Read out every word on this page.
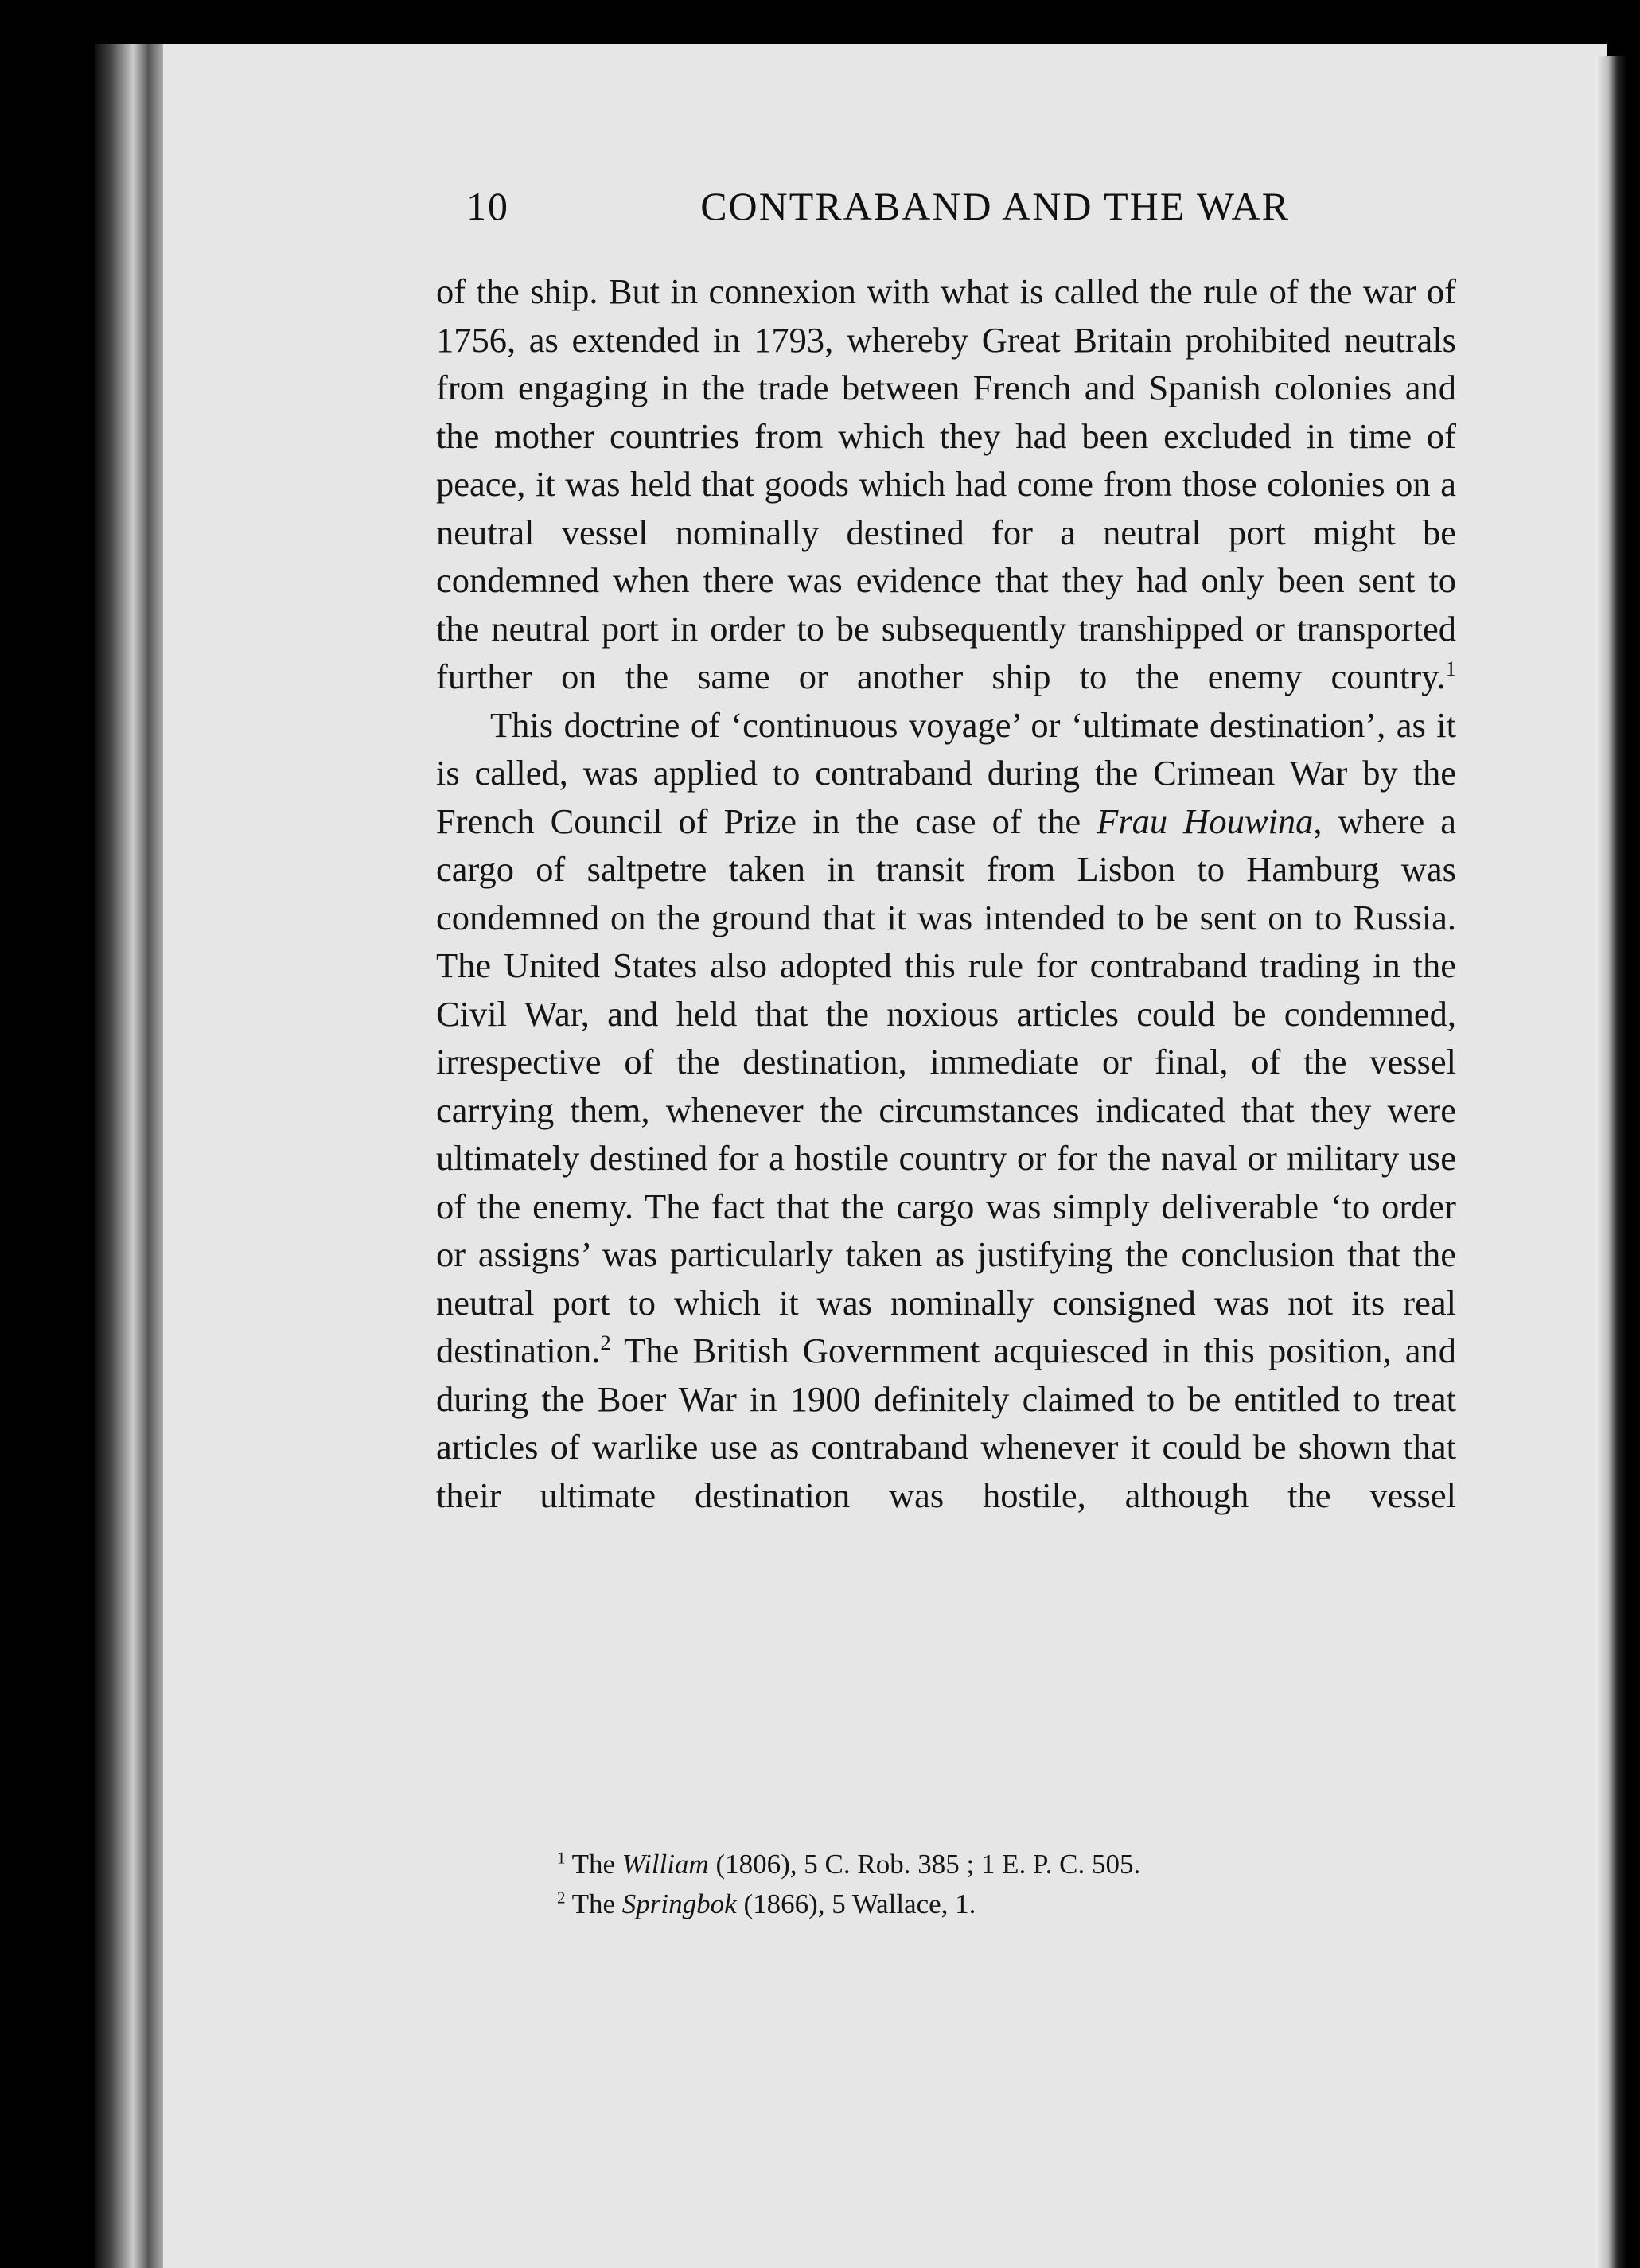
10	CONTRABAND AND THE WAR

of the ship. But in connexion with what is called the rule of the war of 1756, as extended in 1793, whereby Great Britain prohibited neutrals from engaging in the trade between French and Spanish colonies and the mother countries from which they had been excluded in time of peace, it was held that goods which had come from those colonies on a neutral vessel nominally destined for a neutral port might be condemned when there was evidence that they had only been sent to the neutral port in order to be subsequently transhipped or transported further on the same or another ship to the enemy country.$^1$

This doctrine of ‘continuous voyage’ or ‘ultimate destination’, as it is called, was applied to contraband during the Crimean War by the French Council of Prize in the case of the Frau Houwina, where a cargo of saltpetre taken in transit from Lisbon to Hamburg was condemned on the ground that it was intended to be sent on to Russia. The United States also adopted this rule for contraband trading in the Civil War, and held that the noxious articles could be condemned, irrespective of the destination, immediate or final, of the vessel carrying them, whenever the circumstances indicated that they were ultimately destined for a hostile country or for the naval or military use of the enemy. The fact that the cargo was simply deliverable ‘to order or assigns’ was particularly taken as justifying the conclusion that the neutral port to which it was nominally consigned was not its real destination.$^2$ The British Government acquiesced in this position, and during the Boer War in 1900 definitely claimed to be entitled to treat articles of warlike use as contraband whenever it could be shown that their ultimate destination was hostile, although the vessel

$^1$ The William (1806), 5 C. Rob. 385 ; 1 E. P. C. 505.
$^2$ The Springbok (1866), 5 Wallace, 1.
